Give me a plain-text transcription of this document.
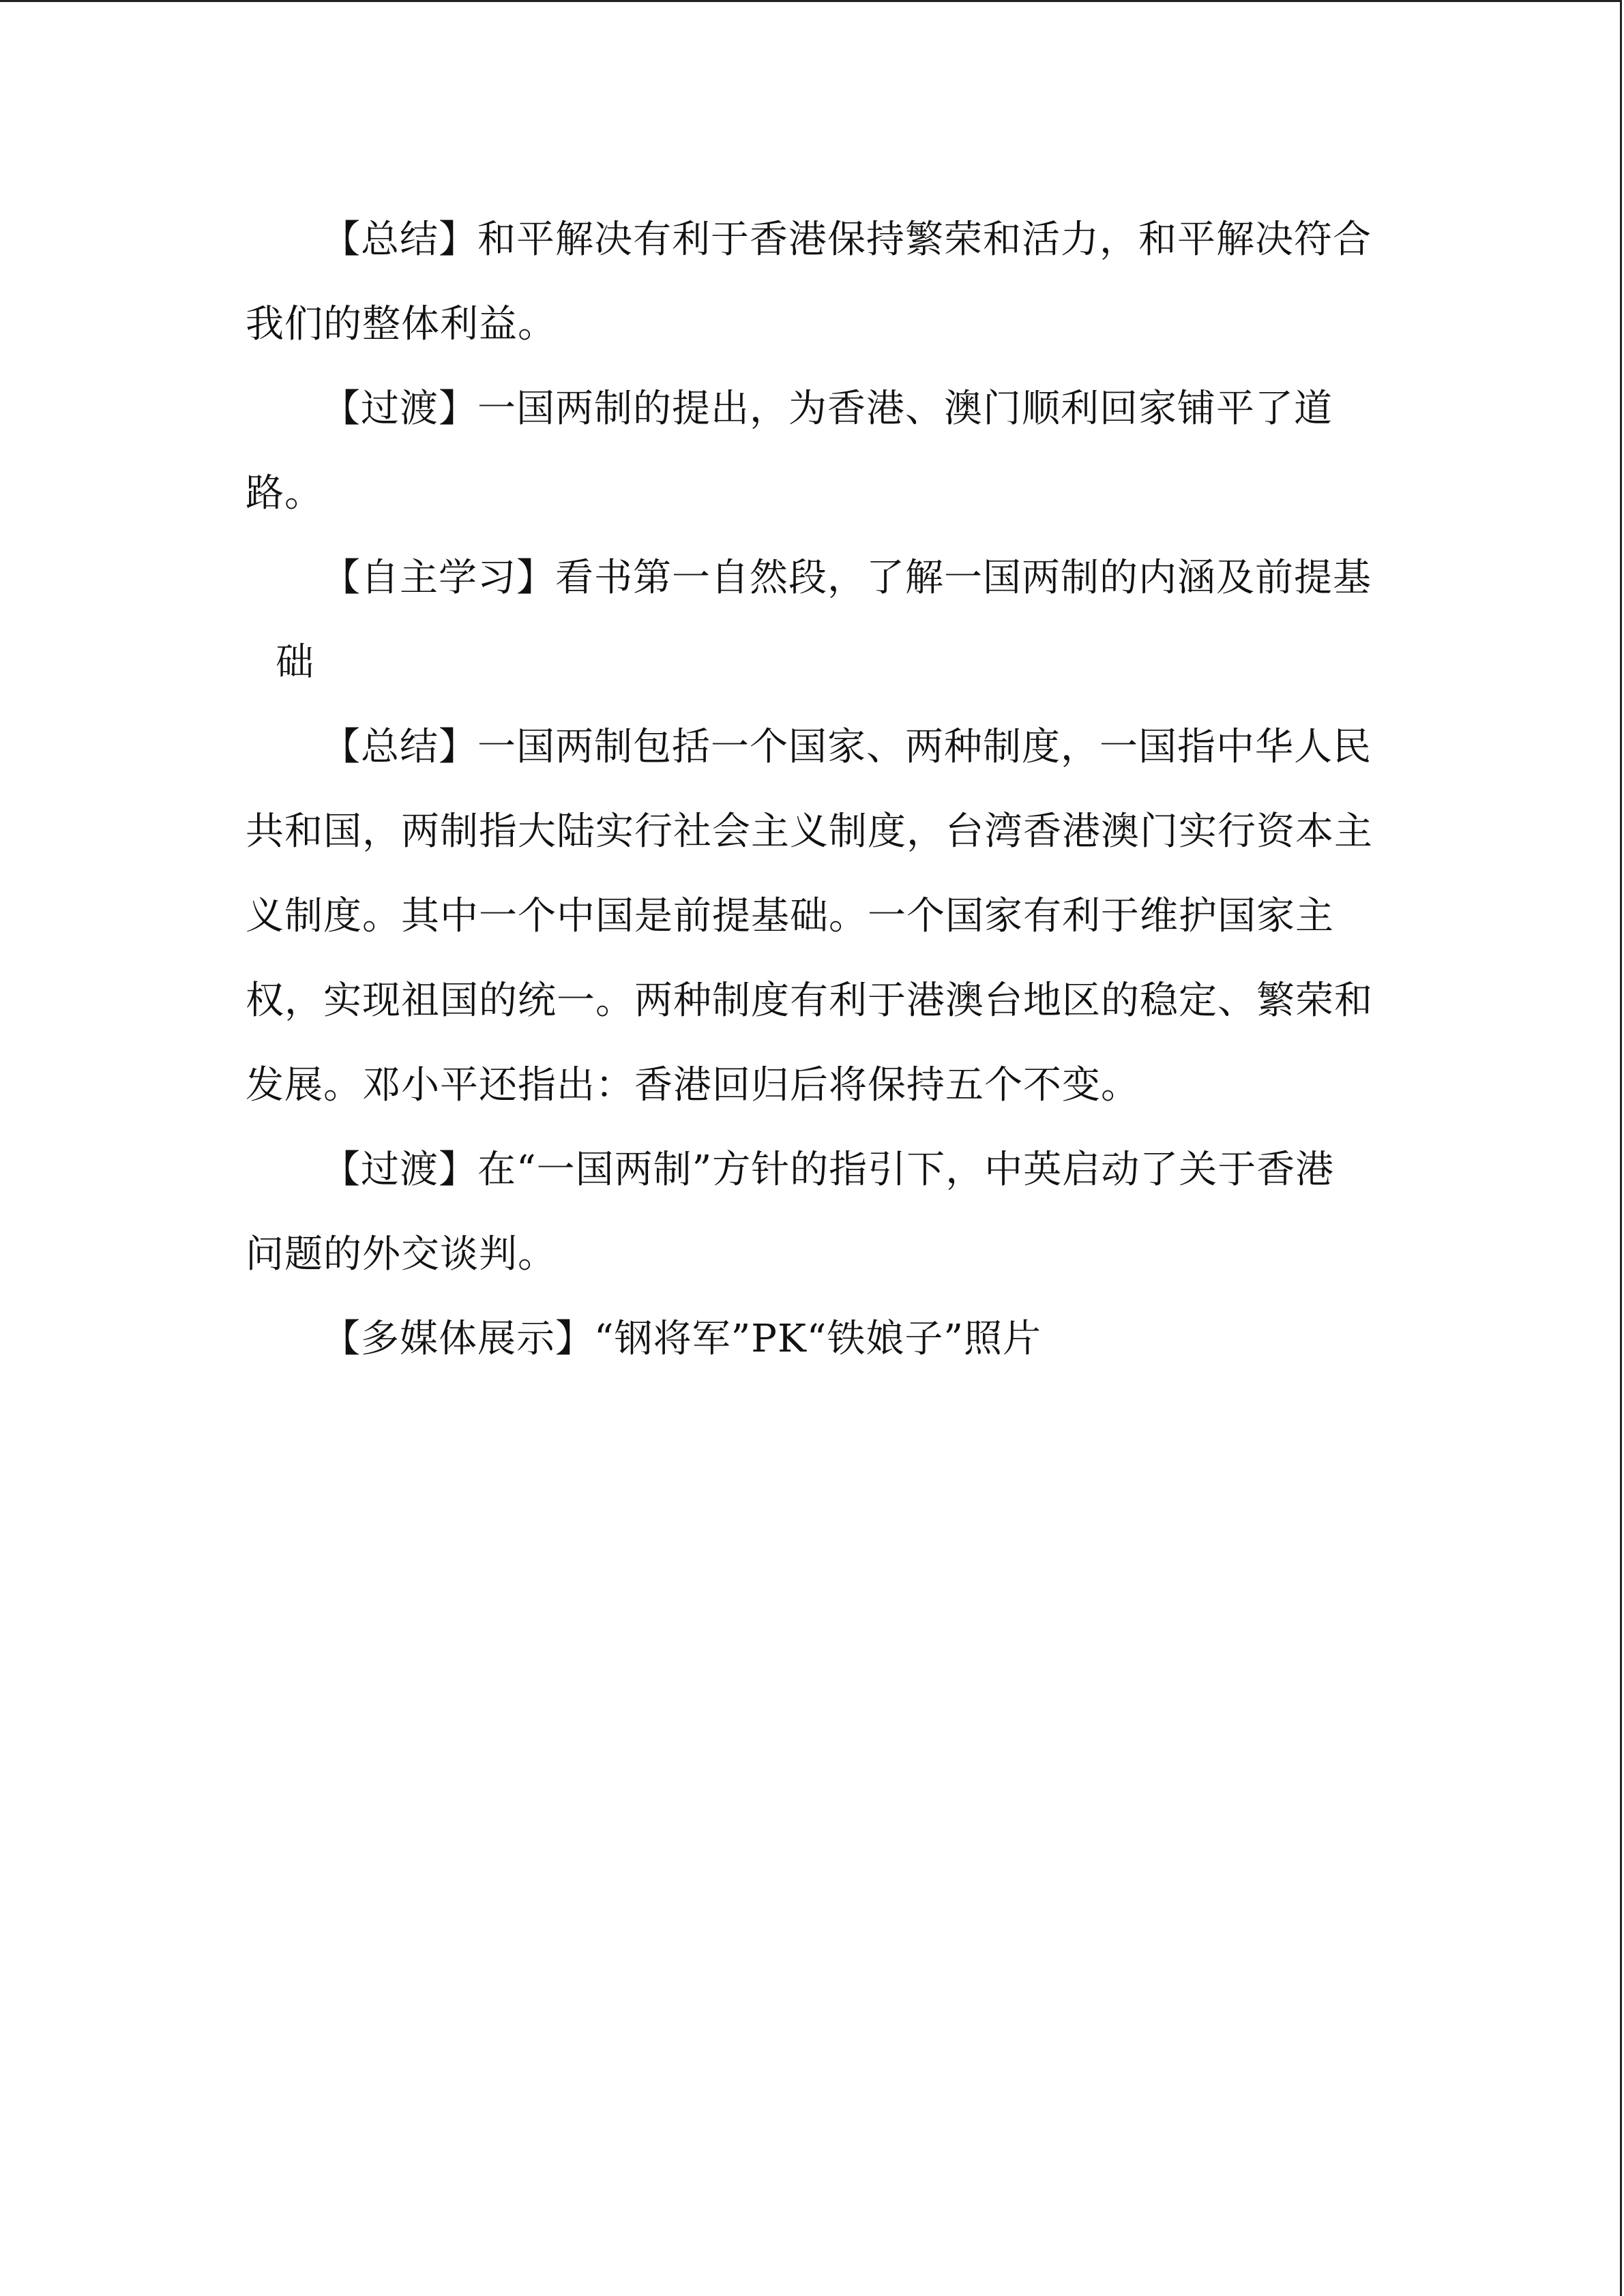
【总结】和平解决有利于香港保持繁荣和活力，和平解决符合
我们的整体利益。
【过渡】一国两制的提出，为香港、澳门顺利回家铺平了道
路。
【自主学习】看书第一自然段，了解一国两制的内涵及前提基
础
【总结】一国两制包括一个国家、两种制度，一国指中华人民
共和国，两制指大陆实行社会主义制度，台湾香港澳门实行资本主
义制度。其中一个中国是前提基础。一个国家有利于维护国家主
权，实现祖国的统一。两种制度有利于港澳台地区的稳定、繁荣和
发展。邓小平还指出：香港回归后将保持五个不变。
【过渡】在“一国两制”方针的指引下，中英启动了关于香港
问题的外交谈判。
【多媒体展示】“钢将军”PK“铁娘子”照片
